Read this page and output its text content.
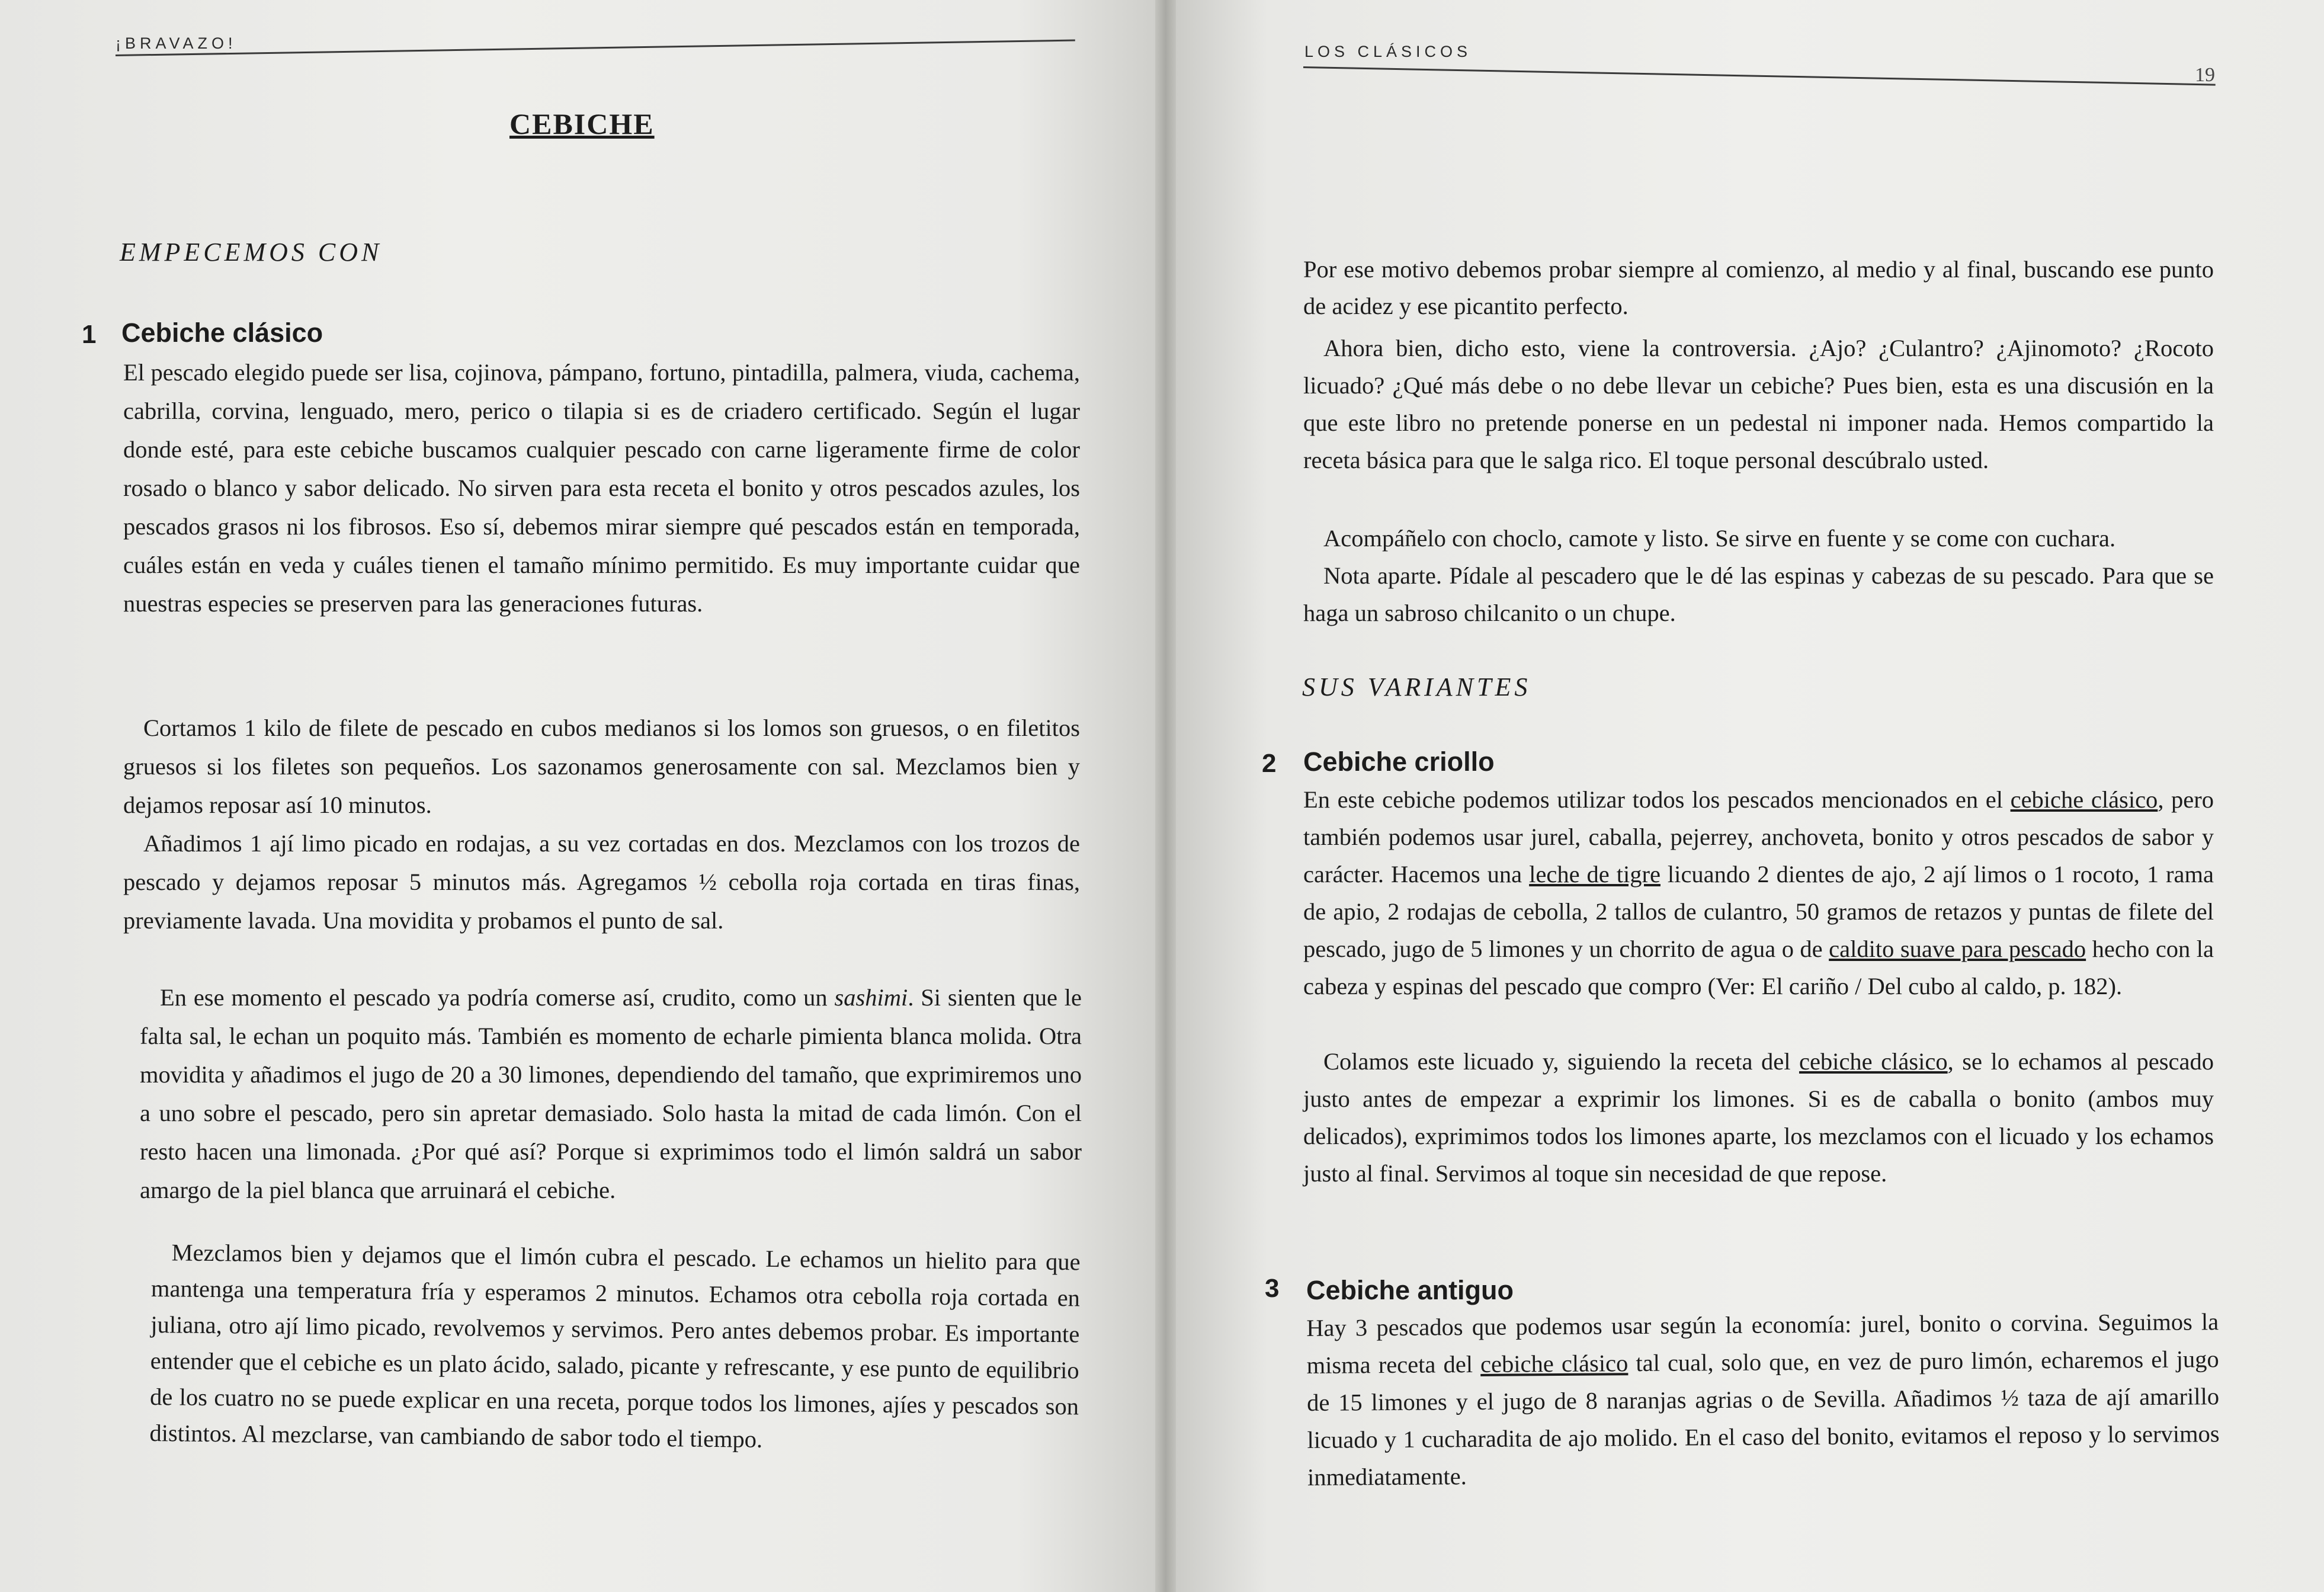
¡BRAVAZO!
CEBICHE
EMPECEMOS CON
1 Cebiche clásico

El pescado elegido puede ser lisa, cojinova, pámpano, fortuno, pintadilla, palmera, viuda, cachema, cabrilla, corvina, lenguado, mero, perico o tilapia si es de criadero certificado. Según el lugar donde esté, para este cebiche buscamos cualquier pescado con carne ligeramente firme de color rosado o blanco y sabor delicado. No sirven para esta receta el bonito y otros pescados azules, los pescados grasos ni los fibrosos. Eso sí, debemos mirar siempre qué pescados están en temporada, cuáles están en veda y cuáles tienen el tamaño mínimo permitido. Es muy importante cuidar que nuestras especies se preserven para las generaciones futuras.

Cortamos 1 kilo de filete de pescado en cubos medianos si los lomos son gruesos, o en filetitos gruesos si los filetes son pequeños. Los sazonamos generosamente con sal. Mezclamos bien y dejamos reposar así 10 minutos.

Añadimos 1 ají limo picado en rodajas, a su vez cortadas en dos. Mezclamos con los trozos de pescado y dejamos reposar 5 minutos más. Agregamos ½ cebolla roja cortada en tiras finas, previamente lavada. Una movidita y probamos el punto de sal.

En ese momento el pescado ya podría comerse así, crudito, como un sashimi. Si sienten que le falta sal, le echan un poquito más. También es momento de echarle pimienta blanca molida. Otra movidita y añadimos el jugo de 20 a 30 limones, dependiendo del tamaño, que exprimiremos uno a uno sobre el pescado, pero sin apretar demasiado. Solo hasta la mitad de cada limón. Con el resto hacen una limonada. ¿Por qué así? Porque si exprimimos todo el limón saldrá un sabor amargo de la piel blanca que arruinará el cebiche.

Mezclamos bien y dejamos que el limón cubra el pescado. Le echamos un hielito para que mantenga una temperatura fría y esperamos 2 minutos. Echamos otra cebolla roja cortada en juliana, otro ají limo picado, revolvemos y servimos. Pero antes debemos probar. Es importante entender que el cebiche es un plato ácido, salado, picante y refrescante, y ese punto de equilibrio de los cuatro no se puede explicar en una receta, porque todos los limones, ajíes y pescados son distintos. Al mezclarse, van cambiando de sabor todo el tiempo.

LOS CLÁSICOS
19

Por ese motivo debemos probar siempre al comienzo, al medio y al final, buscando ese punto de acidez y ese picantito perfecto.

Ahora bien, dicho esto, viene la controversia. ¿Ajo? ¿Culantro? ¿Ajinomoto? ¿Rocoto licuado? ¿Qué más debe o no debe llevar un cebiche? Pues bien, esta es una discusión en la que este libro no pretende ponerse en un pedestal ni imponer nada. Hemos compartido la receta básica para que le salga rico. El toque personal descúbralo usted.

Acompáñelo con choclo, camote y listo. Se sirve en fuente y se come con cuchara.

Nota aparte. Pídale al pescadero que le dé las espinas y cabezas de su pescado. Para que se haga un sabroso chilcanito o un chupe.

SUS VARIANTES
2 Cebiche criollo

En este cebiche podemos utilizar todos los pescados mencionados en el cebiche clásico, pero también podemos usar jurel, caballa, pejerrey, anchoveta, bonito y otros pescados de sabor y carácter. Hacemos una leche de tigre licuando 2 dientes de ajo, 2 ají limos o 1 rocoto, 1 rama de apio, 2 rodajas de cebolla, 2 tallos de culantro, 50 gramos de retazos y puntas de filete del pescado, jugo de 5 limones y un chorrito de agua o de caldito suave para pescado hecho con la cabeza y espinas del pescado que compro (Ver: El cariño / Del cubo al caldo, p. 182).

Colamos este licuado y, siguiendo la receta del cebiche clásico, se lo echamos al pescado justo antes de empezar a exprimir los limones. Si es de caballa o bonito (ambos muy delicados), exprimimos todos los limones aparte, los mezclamos con el licuado y los echamos justo al final. Servimos al toque sin necesidad de que repose.

3 Cebiche antiguo

Hay 3 pescados que podemos usar según la economía: jurel, bonito o corvina. Seguimos la misma receta del cebiche clásico tal cual, solo que, en vez de puro limón, echaremos el jugo de 15 limones y el jugo de 8 naranjas agrias o de Sevilla. Añadimos ½ taza de ají amarillo licuado y 1 cucharadita de ajo molido. En el caso del bonito, evitamos el reposo y lo servimos inmediatamente.
